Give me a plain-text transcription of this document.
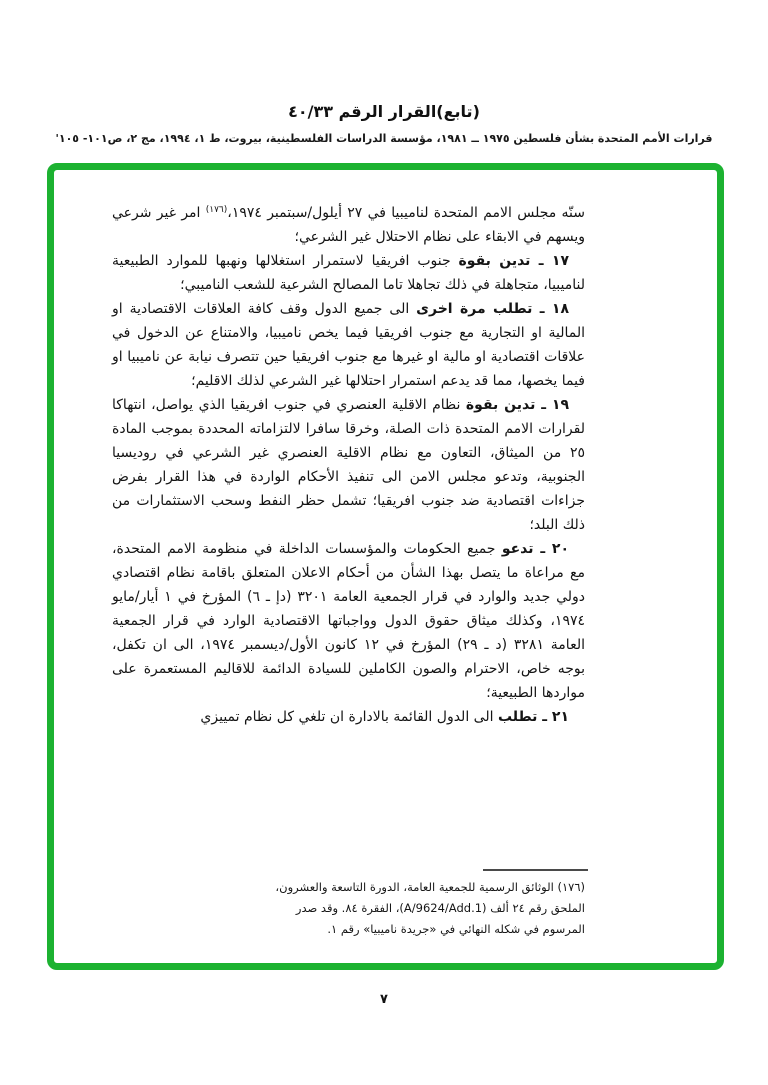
(تابع)القرار الرقم ٤٠/٣٣
قرارات الأمم المتحدة بشأن فلسطين ١٩٧٥ ــ ١٩٨١، مؤسسة الدراسات الفلسطينية، بيروت، ط ١، ١٩٩٤، مج ٢، ص١٠١- ١٠٥'

سنّه مجلس الامم المتحدة لناميبيا في ٢٧ أيلول/سبتمبر ١٩٧٤،$^{(١٧٦)}$ امر غير شرعي ويسهم في الابقاء على نظام الاحتلال غير الشرعي؛

١٧ ـ تدين بقوة جنوب افريقيا لاستمرار استغلالها ونهبها للموارد الطبيعية لناميبيا، متجاهلة في ذلك تجاهلا تاما المصالح الشرعية للشعب الناميبي؛

١٨ ـ تطلب مرة اخرى الى جميع الدول وقف كافة العلاقات الاقتصادية او المالية او التجارية مع جنوب افريقيا فيما يخص ناميبيا، والامتناع عن الدخول في علاقات اقتصادية او مالية او غيرها مع جنوب افريقيا حين تتصرف نيابة عن ناميبيا او فيما يخصها، مما قد يدعم استمرار احتلالها غير الشرعي لذلك الاقليم؛

١٩ ـ تدين بقوة نظام الاقلية العنصري في جنوب افريقيا الذي يواصل، انتهاكا لقرارات الامم المتحدة ذات الصلة، وخرقا سافرا لالتزاماته المحددة بموجب المادة ٢٥ من الميثاق، التعاون مع نظام الاقلية العنصري غير الشرعي في روديسيا الجنوبية، وتدعو مجلس الامن الى تنفيذ الأحكام الواردة في هذا القرار بفرض جزاءات اقتصادية ضد جنوب افريقيا؛ تشمل حظر النفط وسحب الاستثمارات من ذلك البلد؛

٢٠ ـ تدعو جميع الحكومات والمؤسسات الداخلة في منظومة الامم المتحدة، مع مراعاة ما يتصل بهذا الشأن من أحكام الاعلان المتعلق باقامة نظام اقتصادي دولي جديد والوارد في قرار الجمعية العامة ٣٢٠١ (دإ ـ ٦) المؤرخ في ١ أيار/مايو ١٩٧٤، وكذلك ميثاق حقوق الدول وواجباتها الاقتصادية الوارد في قرار الجمعية العامة ٣٢٨١ (د ـ ٢٩) المؤرخ في ١٢ كانون الأول/ديسمبر ١٩٧٤، الى ان تكفل، بوجه خاص، الاحترام والصون الكاملين للسيادة الدائمة للاقاليم المستعمرة على مواردها الطبيعية؛

٢١ ـ تطلب الى الدول القائمة بالادارة ان تلغي كل نظام تمييزي

(١٧٦) الوثائق الرسمية للجمعية العامة، الدورة التاسعة والعشرون، الملحق رقم ٢٤ ألف (A/9624/Add.1)، الفقرة ٨٤. وقد صدر المرسوم في شكله النهائي في «جريدة ناميبيا» رقم ١.
٧
